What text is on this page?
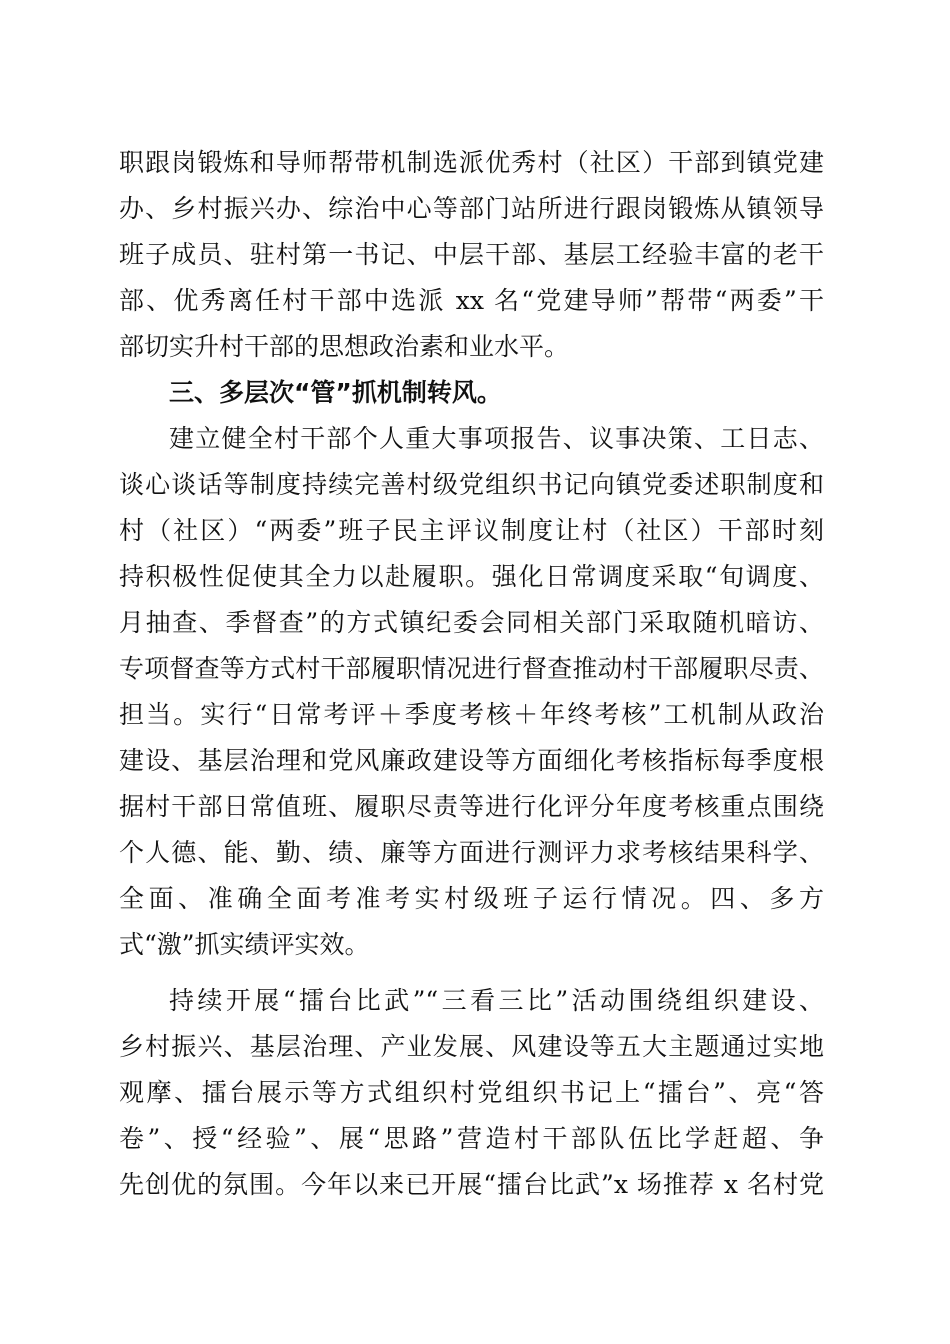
职跟岗锻炼和导师帮带机制选派优秀村（社区）干部到镇党建
办、乡村振兴办、综治中心等部门站所进行跟岗锻炼从镇领导
班子成员、驻村第一书记、中层干部、基层工经验丰富的老干
部、优秀离任村干部中选派 xx 名“党建导师”帮带“两委”干
部切实升村干部的思想政治素和业水平。
三、多层次“管”抓机制转风。
建立健全村干部个人重大事项报告、议事决策、工日志、
谈心谈话等制度持续完善村级党组织书记向镇党委述职制度和
村（社区）“两委”班子民主评议制度让村（社区）干部时刻
持积极性促使其全力以赴履职。强化日常调度采取“旬调度、
月抽查、季督查”的方式镇纪委会同相关部门采取随机暗访、
专项督查等方式村干部履职情况进行督查推动村干部履职尽责、
担当。实行“日常考评＋季度考核＋年终考核”工机制从政治
建设、基层治理和党风廉政建设等方面细化考核指标每季度根
据村干部日常值班、履职尽责等进行化评分年度考核重点围绕
个人德、能、勤、绩、廉等方面进行测评力求考核结果科学、
全面、准确全面考准考实村级班子运行情况。四、多方
式“激”抓实绩评实效。
持续开展“擂台比武”“三看三比”活动围绕组织建设、
乡村振兴、基层治理、产业发展、风建设等五大主题通过实地
观摩、擂台展示等方式组织村党组织书记上“擂台”、亮“答
卷”、授“经验”、展“思路”营造村干部队伍比学赶超、争
先创优的氛围。今年以来已开展“擂台比武”x 场推荐 x 名村党
